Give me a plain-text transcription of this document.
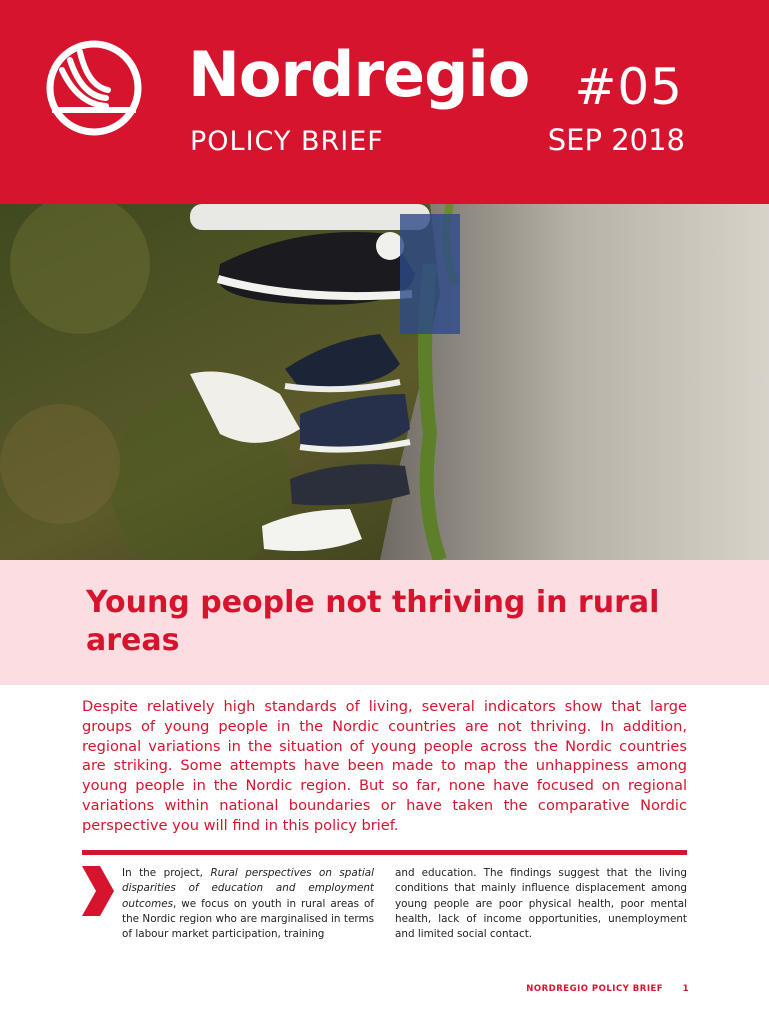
Nordregio #05
POLICY BRIEF	SEP 2018
Young people not thriving in rural areas

Despite relatively high standards of living, several indicators show that large groups of young people in the Nordic countries are not thriving. In addition, regional variations in the situation of young people across the Nordic countries are striking. Some attempts have been made to map the unhappiness among young people in the Nordic region. But so far, none have focused on regional variations within national boundaries or have taken the comparative Nordic perspective you will find in this policy brief.

In the project, Rural perspectives on spatial disparities of education and employment outcomes, we focus on youth in rural areas of the Nordic region who are marginalised in terms of labour market participation, training
and education. The findings suggest that the living conditions that mainly influence displacement among young people are poor physical health, poor mental health, lack of income opportunities, unemployment and limited social contact.
NORDREGIO POLICY BRIEF 1
